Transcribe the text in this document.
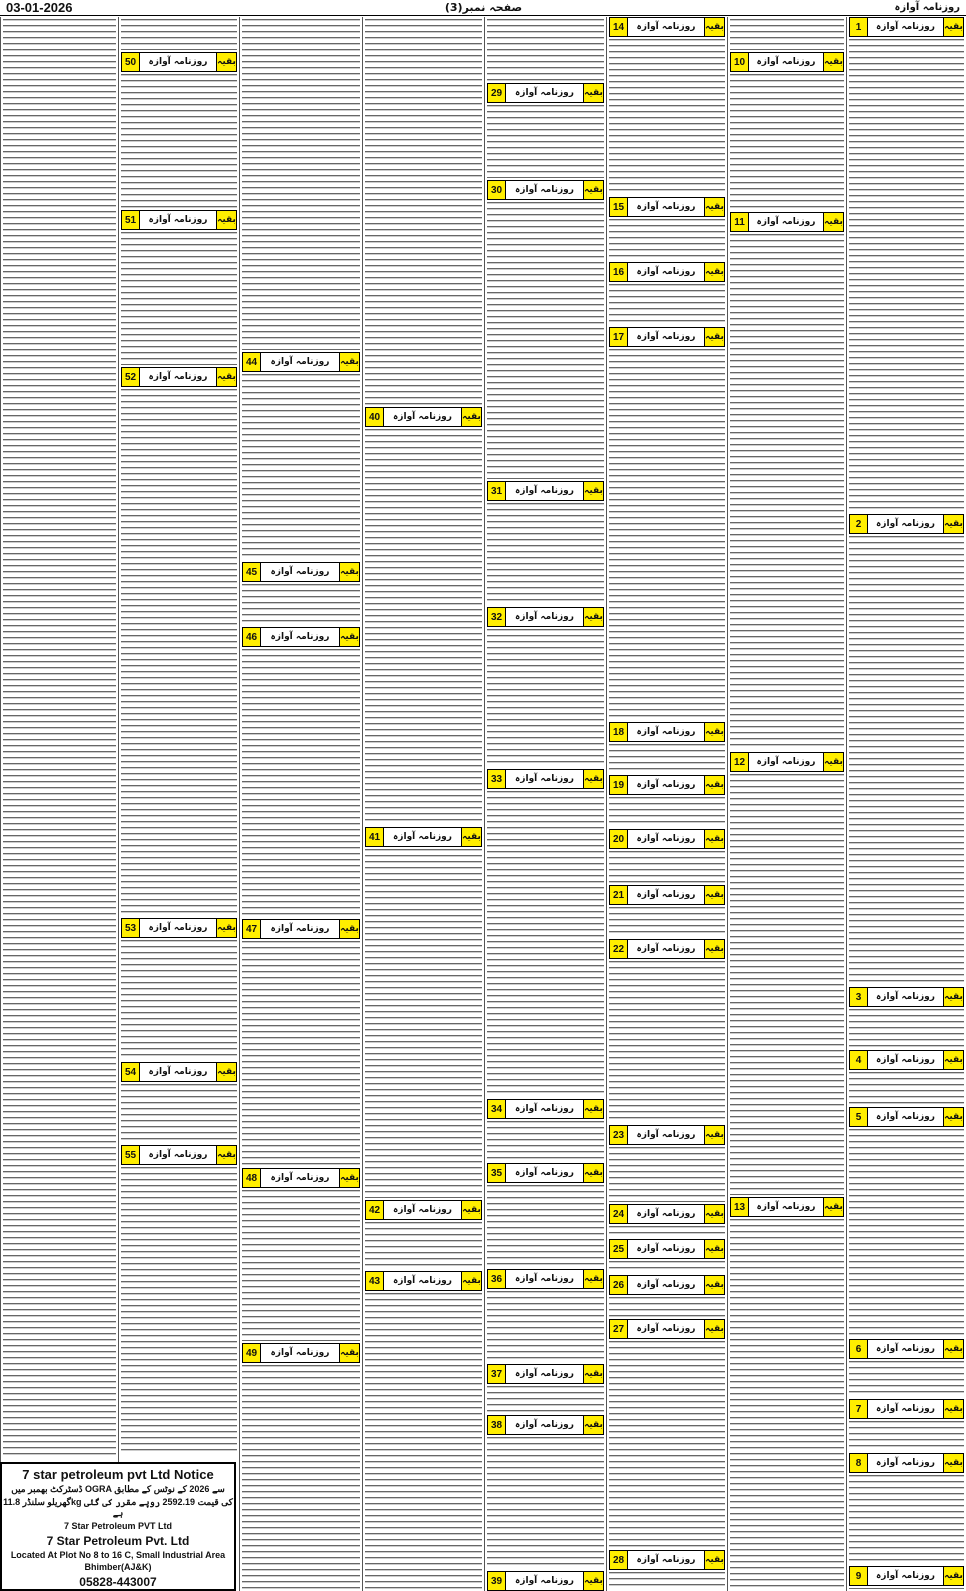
03-01-2026	صفحہ نمبر(3)	روزنامہ آوازہ
1	روزنامہ آوازہ	بقیہ
2	روزنامہ آوازہ	بقیہ
3	روزنامہ آوازہ	بقیہ
4	روزنامہ آوازہ	بقیہ
5	روزنامہ آوازہ	بقیہ
6	روزنامہ آوازہ	بقیہ
7	روزنامہ آوازہ	بقیہ
8	روزنامہ آوازہ	بقیہ
9	روزنامہ آوازہ	بقیہ
10	روزنامہ آوازہ بقیہ
11	روزنامہ آوازہ بقیہ
12	روزنامہ آوازہ بقیہ
13	روزنامہ آوازہ بقیہ
14	روزنامہ آوازہ	بقیہ
15	روزنامہ آوازہ	بقیہ
16	روزنامہ آوازہ	بقیہ
17	روزنامہ آوازہ	بقیہ
18	روزنامہ آوازہ	بقیہ
19	روزنامہ آوازہ	بقیہ
20	روزنامہ آوازہ	بقیہ
21	روزنامہ آوازہ	بقیہ
22	روزنامہ آوازہ	بقیہ
23	روزنامہ آوازہ	بقیہ
24	روزنامہ آوازہ	بقیہ
25	روزنامہ آوازہ	بقیہ
26	روزنامہ آوازہ	بقیہ
27	روزنامہ آوازہ	بقیہ
28	روزنامہ آوازہ	بقیہ
29	روزنامہ آوازہ	بقیہ
30	روزنامہ آوازہ	بقیہ
31	روزنامہ آوازہ	بقیہ
32	روزنامہ آوازہ	بقیہ
33	روزنامہ آوازہ	بقیہ
34	روزنامہ آوازہ	بقیہ
35	روزنامہ آوازہ	بقیہ
36	روزنامہ آوازہ	بقیہ
37	روزنامہ آوازہ	بقیہ
38	روزنامہ آوازہ	بقیہ
39	روزنامہ آوازہ	بقیہ
40	روزنامہ آوازہ	بقیہ
41	روزنامہ آوازہ	بقیہ
42	روزنامہ آوازہ	بقیہ
43	روزنامہ آوازہ	بقیہ
44	روزنامہ آوازہ	بقیہ
45	روزنامہ آوازہ	بقیہ
46	روزنامہ آوازہ	بقیہ
47	روزنامہ آوازہ	بقیہ
48	روزنامہ آوازہ	بقیہ
49	روزنامہ آوازہ	بقیہ
50	روزنامہ آوازہ	بقیہ
51	روزنامہ آوازہ	بقیہ
52	روزنامہ آوازہ	بقیہ
53	روزنامہ آوازہ	بقیہ
54	روزنامہ آوازہ	بقیہ
55	روزنامہ آوازہ	بقیہ
7 star petroleum pvt Ltd Notice
ڈسٹرکٹ بھمبر میں OGRA سے 2026 کے نوٹس کے مطابق
گھریلو سلنڈر 11.8kg کی قیمت 2592.19 روپے مقرر کی گئی ہے
7 Star Petroleum PVT Ltd
7 Star Petroleum Pvt. Ltd
Located At Plot No 8 to 16 C, Small Industrial Area
Bhimber(AJ&K)
05828-443007
